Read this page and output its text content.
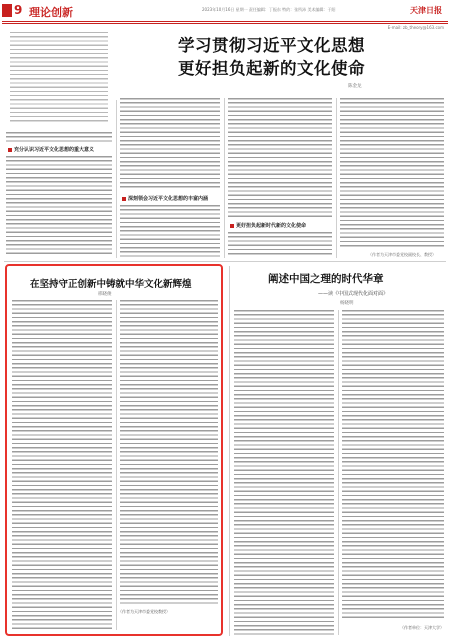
9 理论创新	2023年10月16日 星期一 责任编辑：丁振东 特约：张所沛 美术编辑：于阳	天津日报
E-mail: zb_theory@163.com
学习贯彻习近平文化思想
更好担负起新的文化使命
陈金龙
充分认识习近平文化思想的重大意义
深刻领会习近平文化思想的丰富内涵
更好担负起新时代新的文化使命
（作者为天津市委党校副校长、教授）
在坚持守正创新中铸就中华文化新辉煌
邢晓俊
（作者为天津市委党校教授）
阐述中国之理的时代华章
——读《中国式现代化面对面》
杨晓明
（作者单位：天津大学）
